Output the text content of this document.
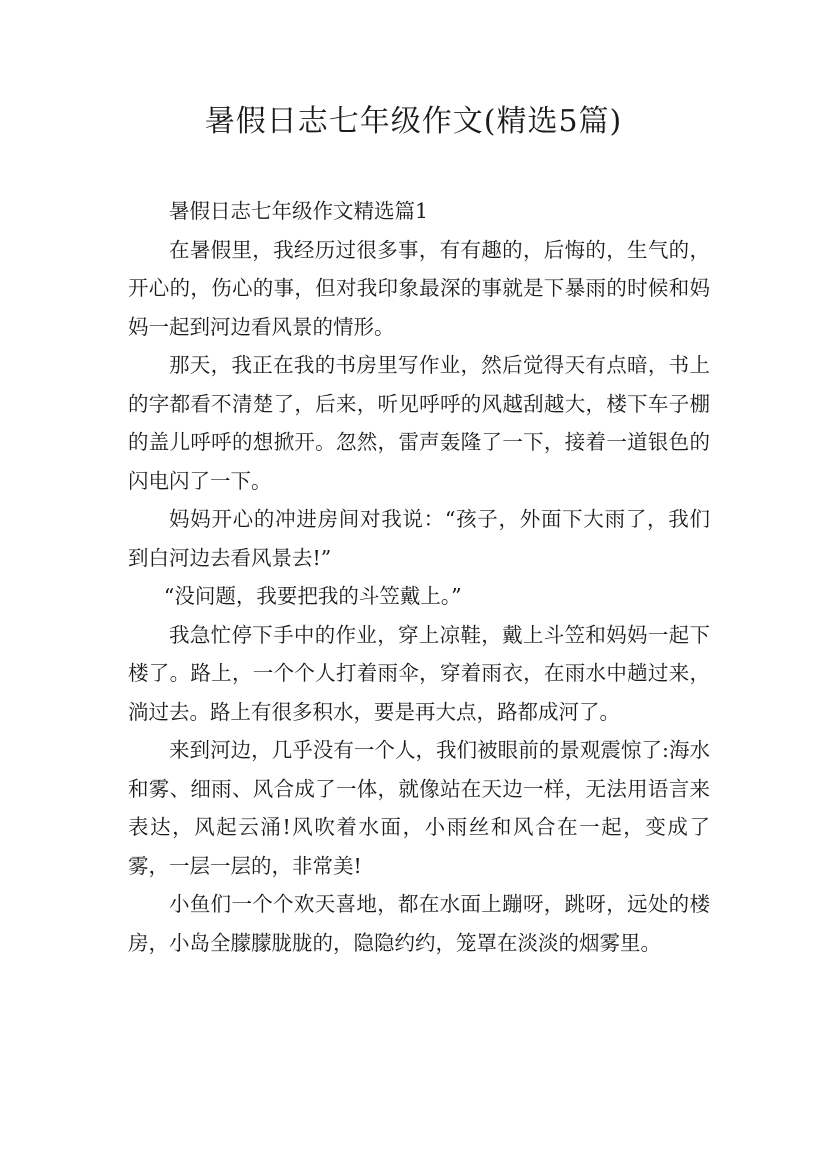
暑假日志七年级作文(精选5篇)

暑假日志七年级作文精选篇1

在暑假里，我经历过很多事，有有趣的，后悔的，生气的，开心的，伤心的事，但对我印象最深的事就是下暴雨的时候和妈妈一起到河边看风景的情形。

那天，我正在我的书房里写作业，然后觉得天有点暗，书上的字都看不清楚了，后来，听见呼呼的风越刮越大，楼下车子棚的盖儿呼呼的想掀开。忽然，雷声轰隆了一下，接着一道银色的闪电闪了一下。

妈妈开心的冲进房间对我说：“孩子，外面下大雨了，我们到白河边去看风景去!”

“没问题，我要把我的斗笠戴上。”

我急忙停下手中的作业，穿上凉鞋，戴上斗笠和妈妈一起下楼了。路上，一个个人打着雨伞，穿着雨衣，在雨水中趟过来，淌过去。路上有很多积水，要是再大点，路都成河了。

来到河边，几乎没有一个人，我们被眼前的景观震惊了:海水和雾、细雨、风合成了一体，就像站在天边一样，无法用语言来表达，风起云涌!风吹着水面，小雨丝和风合在一起，变成了雾，一层一层的，非常美!

小鱼们一个个欢天喜地，都在水面上蹦呀，跳呀，远处的楼房，小岛全朦朦胧胧的，隐隐约约，笼罩在淡淡的烟雾里。
